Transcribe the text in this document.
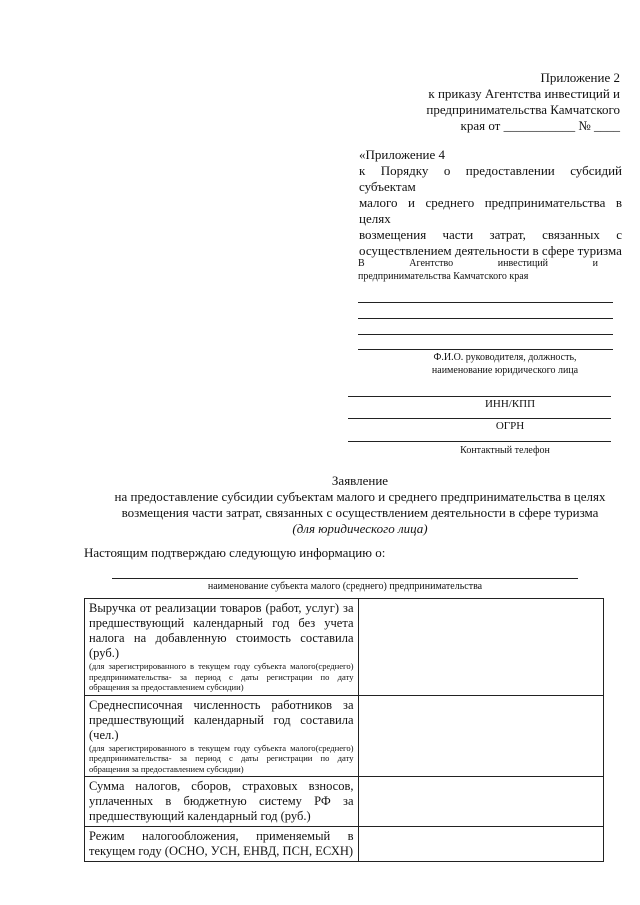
Приложение 2
к приказу Агентства инвестиций и
предпринимательства Камчатского
края от ___________ № ____
«Приложение 4
к Порядку о предоставлении субсидий субъектам
малого и среднего предпринимательства в целях
возмещения части затрат, связанных с
осуществлением деятельности в сфере туризма
В	Агентство	инвестиций	и
предпринимательства Камчатского края
Ф.И.О. руководителя, должность,
наименование юридического лица
ИНН/КПП
ОГРН
Контактный телефон
Заявление
на предоставление субсидии субъектам малого и среднего предпринимательства в целях
возмещения части затрат, связанных с осуществлением деятельности в сфере туризма
(для юридического лица)
Настоящим подтверждаю следующую информацию о:
наименование субъекта малого (среднего) предпринимательства
Выручка от реализации товаров (работ, услуг) за предшествующий календарный год без учета налога на добавленную стоимость составила (руб.)
(для зарегистрированного в текущем году субъекта малого(среднего) предпринимательства- за период с даты регистрации по дату обращения за предоставлением субсидии)	

Среднесписочная численность работников за предшествующий календарный год составила (чел.)
(для зарегистрированного в текущем году субъекта малого(среднего) предпринимательства- за период с даты регистрации по дату обращения за предоставлением субсидии)	

Сумма налогов, сборов, страховых взносов, уплаченных в бюджетную систему РФ за предшествующий календарный год (руб.)	

Режим налогообложения, применяемый в текущем году (ОСНО, УСН, ЕНВД, ПСН, ЕСХН)	
